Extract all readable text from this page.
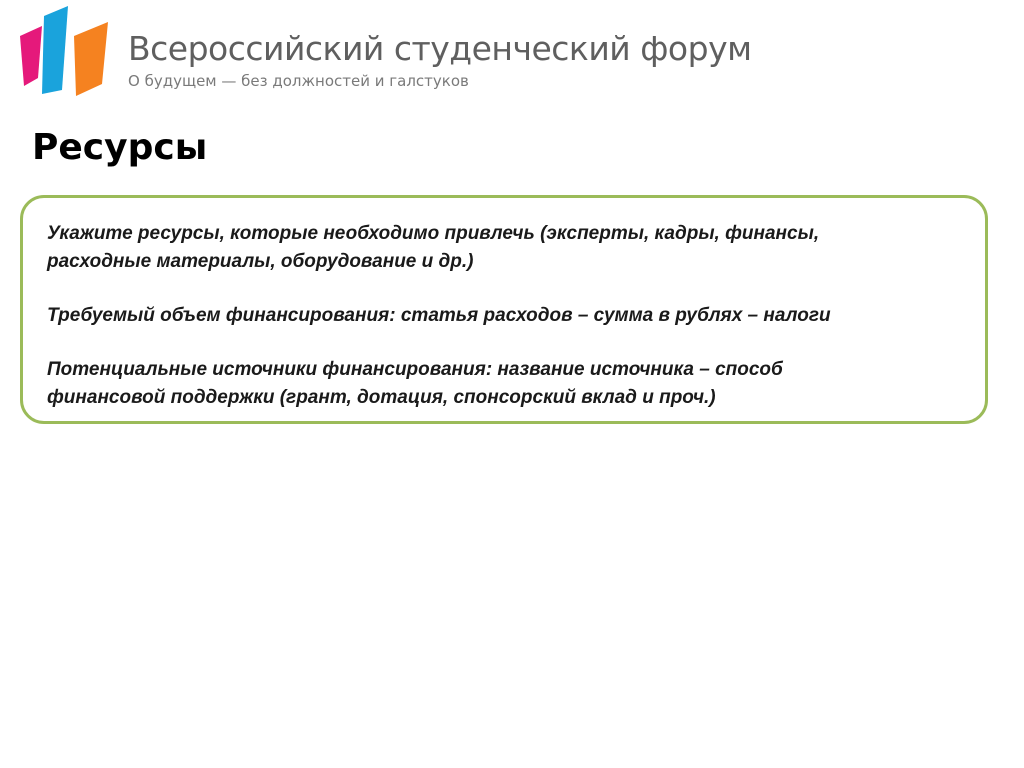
Всероссийский студенческий форум
О будущем — без должностей и галстуков
Ресурсы

Укажите ресурсы, которые необходимо привлечь (эксперты, кадры, финансы,
расходные материалы, оборудование и др.)

Требуемый объем финансирования: статья расходов – сумма в рублях – налоги

Потенциальные источники финансирования: название источника – способ
финансовой поддержки (грант, дотация, спонсорский вклад и проч.)
